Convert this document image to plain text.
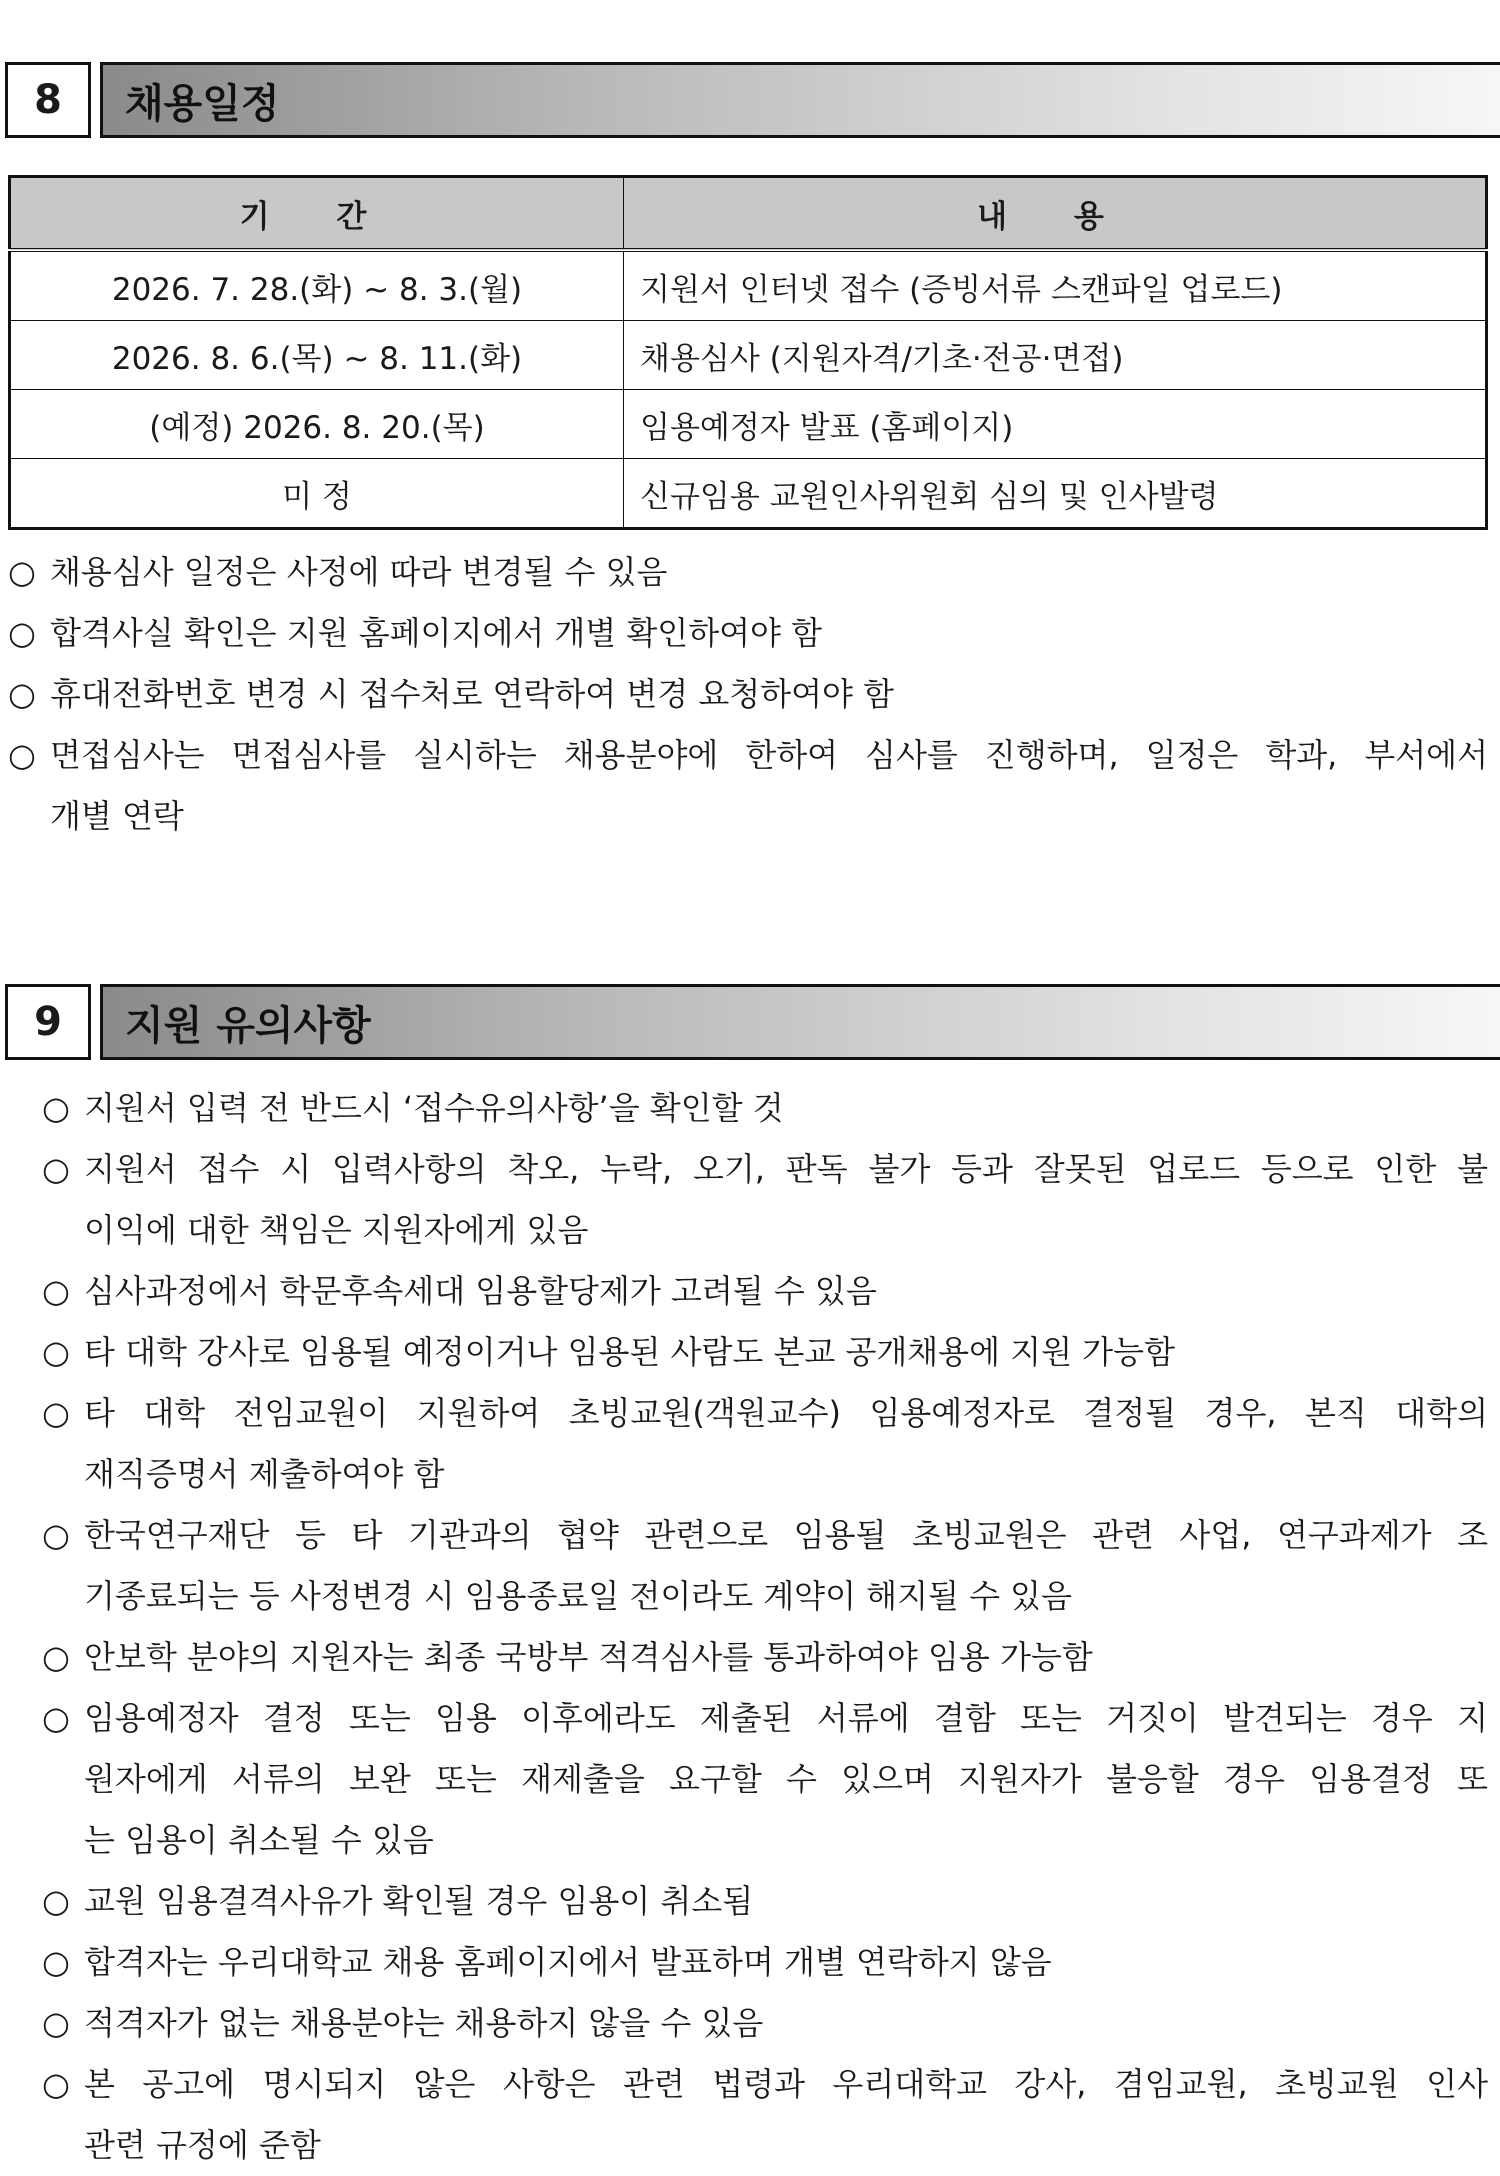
8	채용일정
기 간	내 용
2026. 7. 28.(화) ~ 8. 3.(월)	지원서 인터넷 접수 (증빙서류 스캔파일 업로드)
2026. 8. 6.(목) ~ 8. 11.(화)	채용심사 (지원자격/기초·전공·면접)
(예정) 2026. 8. 20.(목)	임용예정자 발표 (홈페이지)
미 정	신규임용 교원인사위원회 심의 및 인사발령
○ 채용심사 일정은 사정에 따라 변경될 수 있음
○ 합격사실 확인은 지원 홈페이지에서 개별 확인하여야 함
○ 휴대전화번호 변경 시 접수처로 연락하여 변경 요청하여야 함
○ 면접심사는 면접심사를 실시하는 채용분야에 한하여 심사를 진행하며, 일정은 학과, 부서에서
개별 연락
9	지원 유의사항
○ 지원서 입력 전 반드시 ‘접수유의사항’을 확인할 것
○ 지원서 접수 시 입력사항의 착오, 누락, 오기, 판독 불가 등과 잘못된 업로드 등으로 인한 불
이익에 대한 책임은 지원자에게 있음
○ 심사과정에서 학문후속세대 임용할당제가 고려될 수 있음
○ 타 대학 강사로 임용될 예정이거나 임용된 사람도 본교 공개채용에 지원 가능함
○ 타 대학 전임교원이 지원하여 초빙교원(객원교수) 임용예정자로 결정될 경우, 본직 대학의
재직증명서 제출하여야 함
○ 한국연구재단 등 타 기관과의 협약 관련으로 임용될 초빙교원은 관련 사업, 연구과제가 조
기종료되는 등 사정변경 시 임용종료일 전이라도 계약이 해지될 수 있음
○ 안보학 분야의 지원자는 최종 국방부 적격심사를 통과하여야 임용 가능함
○ 임용예정자 결정 또는 임용 이후에라도 제출된 서류에 결함 또는 거짓이 발견되는 경우 지
원자에게 서류의 보완 또는 재제출을 요구할 수 있으며 지원자가 불응할 경우 임용결정 또
는 임용이 취소될 수 있음
○ 교원 임용결격사유가 확인될 경우 임용이 취소됨
○ 합격자는 우리대학교 채용 홈페이지에서 발표하며 개별 연락하지 않음
○ 적격자가 없는 채용분야는 채용하지 않을 수 있음
○ 본 공고에 명시되지 않은 사항은 관련 법령과 우리대학교 강사, 겸임교원, 초빙교원 인사
관련 규정에 준함
